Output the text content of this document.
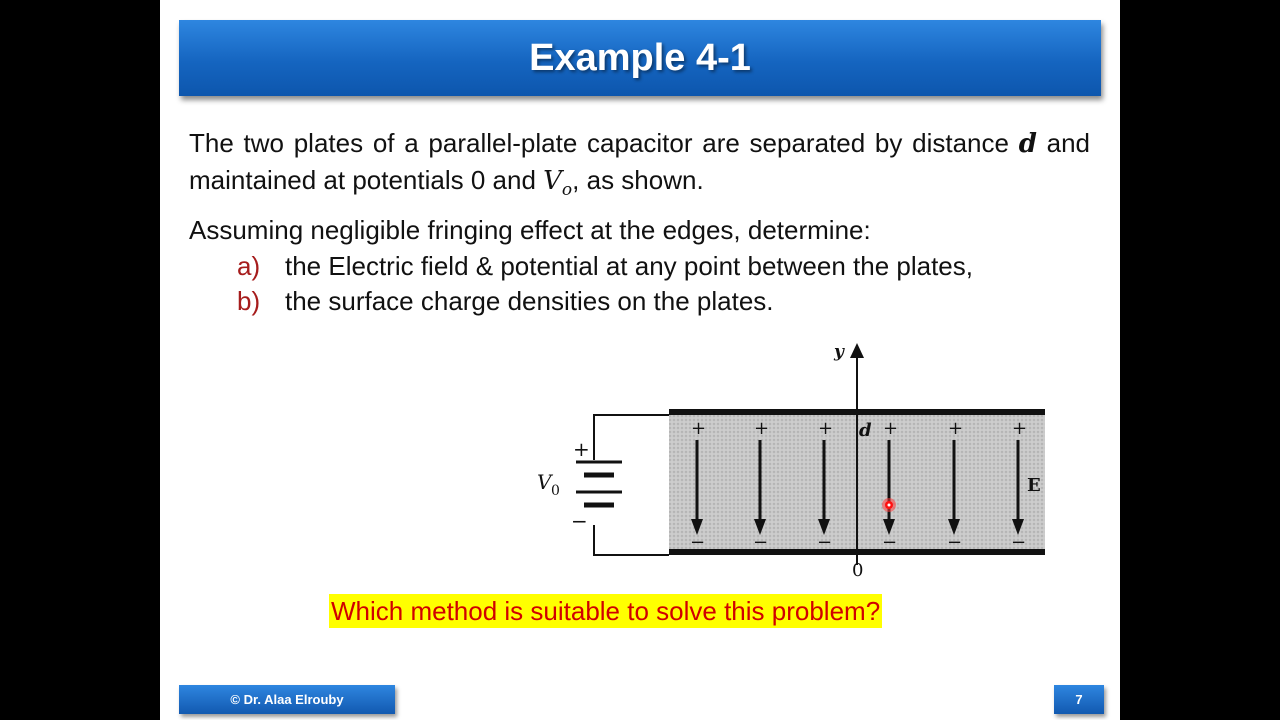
Example 4-1
The two plates of a parallel-plate capacitor are separated by distance d and maintained at potentials 0 and $V_o$, as shown.
Assuming negligible fringing effect at the edges, determine:
a) the Electric field & potential at any point between the plates,
b) the surface charge densities on the plates.
+
−
V 0
y
d
0
E
+
−
+
−
+
−
+
−
+
−
+
−
Which method is suitable to solve this problem?
© Dr. Alaa Elrouby	7
